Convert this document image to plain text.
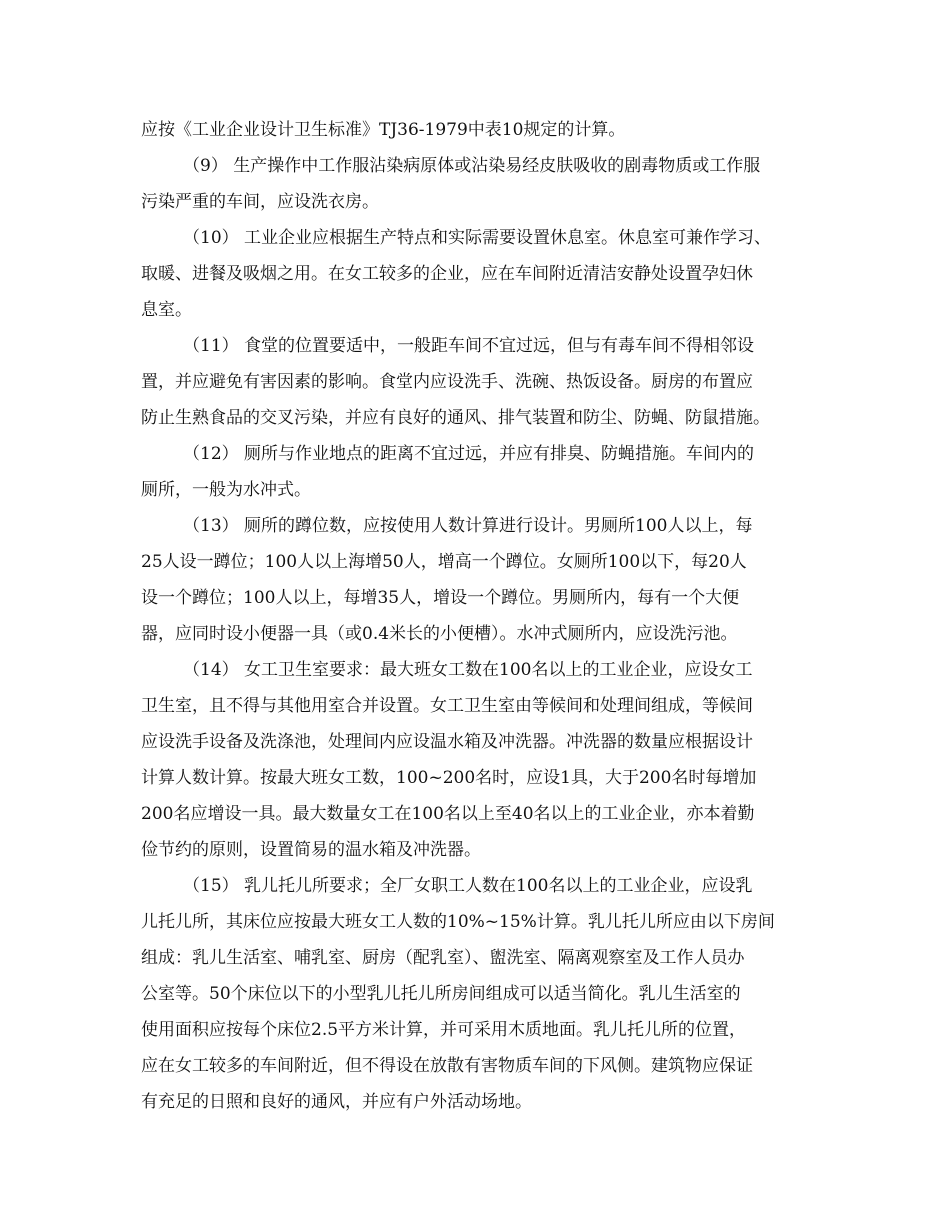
应按《工业企业设计卫生标准》TJ36-1979中表10规定的计算。
（9） 生产操作中工作服沾染病原体或沾染易经皮肤吸收的剧毒物质或工作服
污染严重的车间，应设洗衣房。
（10） 工业企业应根据生产特点和实际需要设置休息室。休息室可兼作学习、
取暖、进餐及吸烟之用。在女工较多的企业，应在车间附近清洁安静处设置孕妇休
息室。
（11） 食堂的位置要适中，一般距车间不宜过远，但与有毒车间不得相邻设
置，并应避免有害因素的影响。食堂内应设洗手、洗碗、热饭设备。厨房的布置应
防止生熟食品的交叉污染，并应有良好的通风、排气装置和防尘、防蝇、防鼠措施。
（12） 厕所与作业地点的距离不宜过远，并应有排臭、防蝇措施。车间内的
厕所，一般为水冲式。
（13） 厕所的蹲位数，应按使用人数计算进行设计。男厕所100人以上，每
25人设一蹲位；100人以上海增50人，增高一个蹲位。女厕所100以下，每20人
设一个蹲位；100人以上，每增35人，增设一个蹲位。男厕所内，每有一个大便
器，应同时设小便器一具（或0.4米长的小便槽）。水冲式厕所内，应设洗污池。
（14） 女工卫生室要求：最大班女工数在100名以上的工业企业，应设女工
卫生室，且不得与其他用室合并设置。女工卫生室由等候间和处理间组成，等候间
应设洗手设备及洗涤池，处理间内应设温水箱及冲洗器。冲洗器的数量应根据设计
计算人数计算。按最大班女工数，100~200名时，应设1具，大于200名时每增加
200名应增设一具。最大数量女工在100名以上至40名以上的工业企业，亦本着勤
俭节约的原则，设置简易的温水箱及冲洗器。
（15） 乳儿托儿所要求；全厂女职工人数在100名以上的工业企业，应设乳
儿托儿所，其床位应按最大班女工人数的10%~15%计算。乳儿托儿所应由以下房间
组成：乳儿生活室、哺乳室、厨房（配乳室）、盥洗室、隔离观察室及工作人员办
公室等。50个床位以下的小型乳儿托儿所房间组成可以适当简化。乳儿生活室的
使用面积应按每个床位2.5平方米计算，并可采用木质地面。乳儿托儿所的位置，
应在女工较多的车间附近，但不得设在放散有害物质车间的下风侧。建筑物应保证
有充足的日照和良好的通风，并应有户外活动场地。
